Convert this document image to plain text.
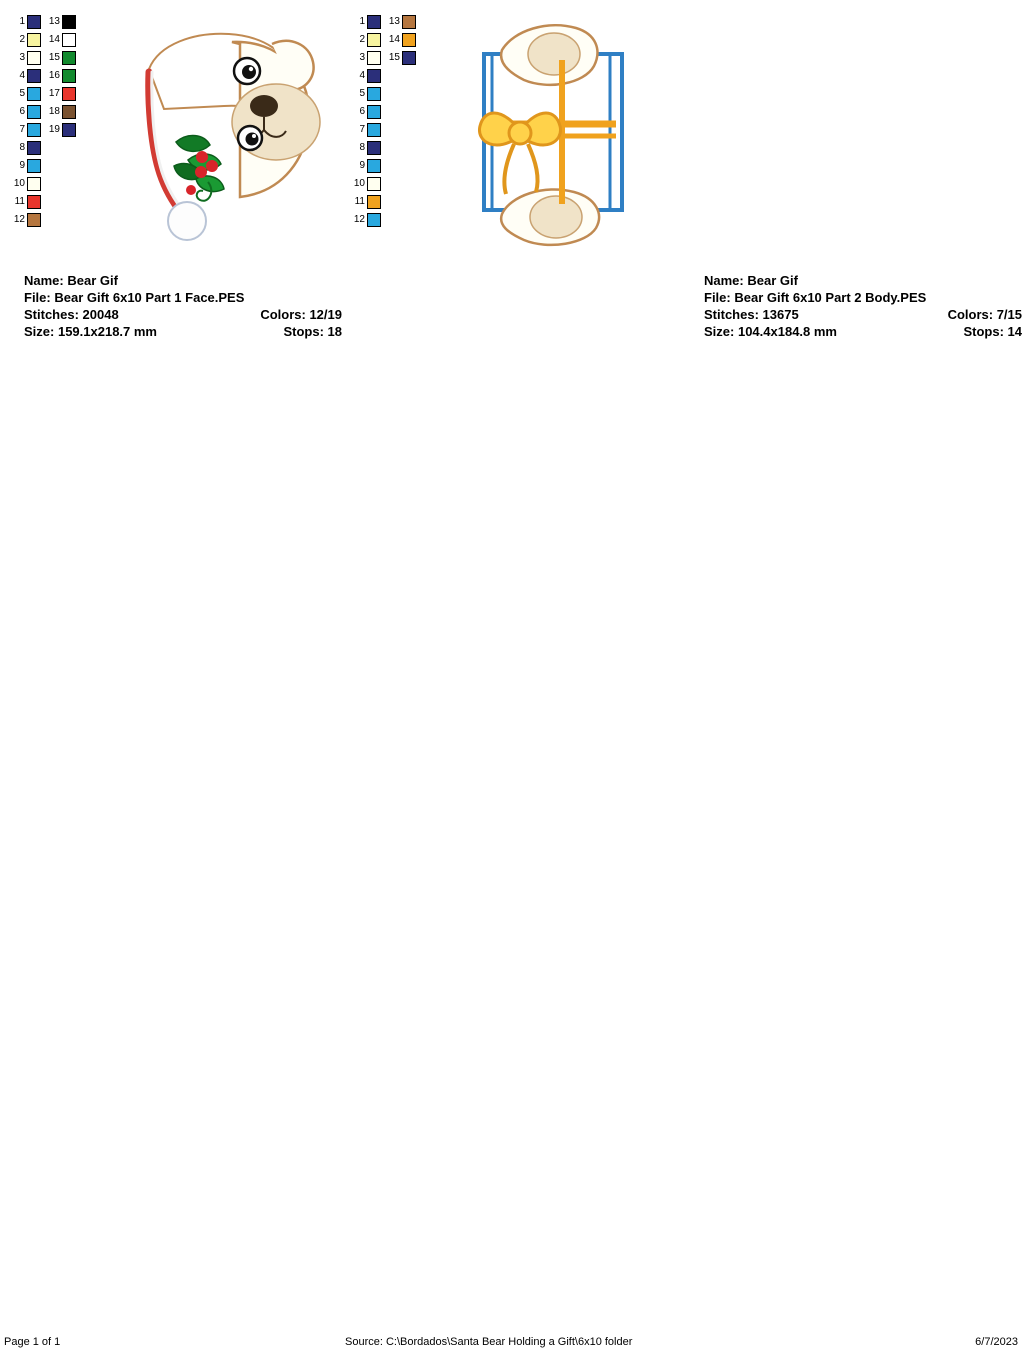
1 13
2 14
3 15
4 16
5 17
6 18
7 19
8
9
10
11
12
Name: Bear Gif
File: Bear Gift 6x10 Part 1 Face.PES
Stitches: 20048	Colors: 12/19
Size: 159.1x218.7 mm	Stops: 18
1 13
2 14
3 15
4
5
6
7
8
9
10
11
12
Name: Bear Gif
File: Bear Gift 6x10 Part 2 Body.PES
Stitches: 13675	Colors: 7/15
Size: 104.4x184.8 mm	Stops: 14
Page 1 of 1	Source: C:\Bordados\Santa Bear Holding a Gift\6x10 folder	6/7/2023
